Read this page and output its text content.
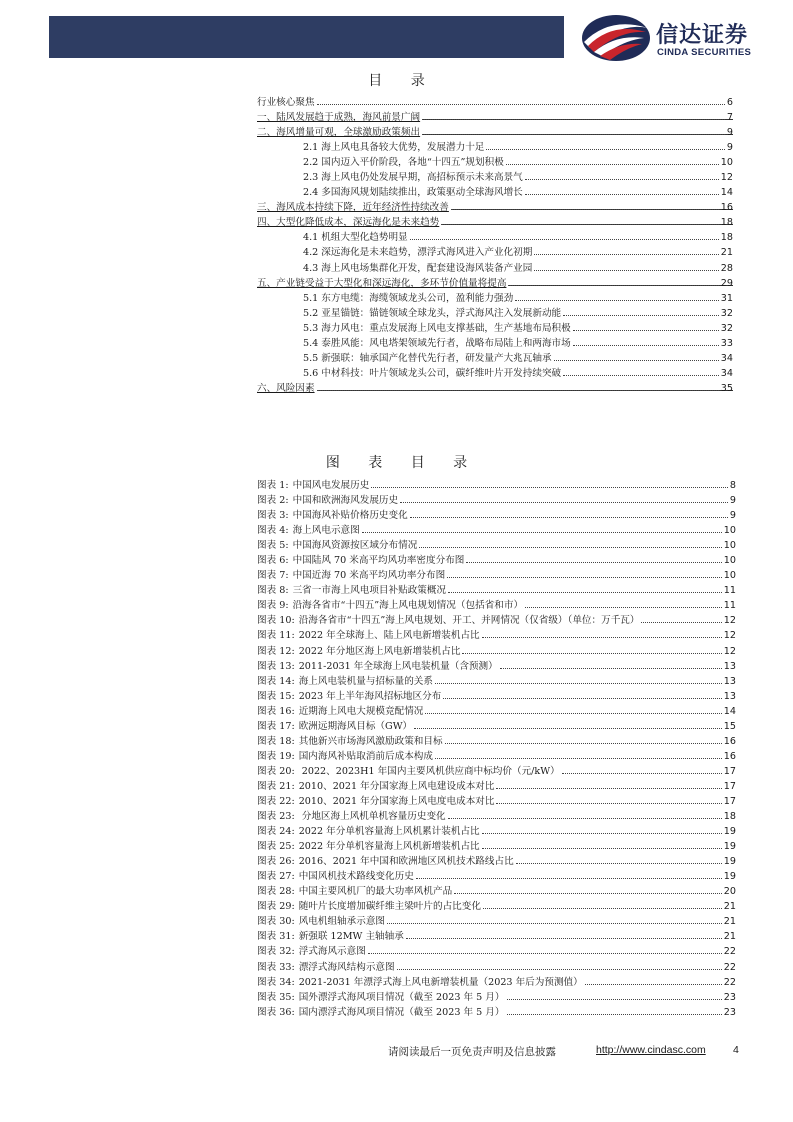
信达证券
CINDA SECURITIES
目 录
行业核心聚焦	6
一、陆风发展趋于成熟，海风前景广阔	7
二、海风增量可观，全球激励政策频出	9
2.1 海上风电具备较大优势，发展潜力十足	9
2.2 国内迈入平价阶段，各地“十四五”规划积极	10
2.3 海上风电仍处发展早期，高招标预示未来高景气	12
2.4 多国海风规划陆续推出，政策驱动全球海风增长	14
三、海风成本持续下降，近年经济性持续改善	16
四、大型化降低成本，深远海化是未来趋势	18
4.1 机组大型化趋势明显	18
4.2 深远海化是未来趋势，漂浮式海风进入产业化初期	21
4.3 海上风电场集群化开发，配套建设海风装备产业园	28
五、产业链受益于大型化和深远海化，多环节价值量将提高	29
5.1 东方电缆：海缆领域龙头公司，盈利能力强劲	31
5.2 亚星锚链：锚链领域全球龙头，浮式海风注入发展新动能	32
5.3 海力风电：重点发展海上风电支撑基础，生产基地布局积极	32
5.4 泰胜风能：风电塔架领域先行者，战略布局陆上和两海市场	33
5.5 新强联：轴承国产化替代先行者，研发量产大兆瓦轴承	34
5.6 中材科技：叶片领域龙头公司，碳纤维叶片开发持续突破	34
六、风险因素	35
图 表 目 录
图表 1: 中国风电发展历史	8
图表 2: 中国和欧洲海风发展历史	9
图表 3: 中国海风补贴价格历史变化	9
图表 4: 海上风电示意图	10
图表 5: 中国海风资源按区域分布情况	10
图表 6: 中国陆风 70 米高平均风功率密度分布图	10
图表 7: 中国近海 70 米高平均风功率分布图	10
图表 8: 三省一市海上风电项目补贴政策概况	11
图表 9: 沿海各省市“十四五”海上风电规划情况（包括省和市）	11
图表 10: 沿海各省市“十四五”海上风电规划、开工、并网情况（仅省级）（单位：万千瓦）	12
图表 11: 2022 年全球海上、陆上风电新增装机占比	12
图表 12: 2022 年分地区海上风电新增装机占比	12
图表 13: 2011-2031 年全球海上风电装机量（含预测）	13
图表 14: 海上风电装机量与招标量的关系	13
图表 15: 2023 年上半年海风招标地区分布	13
图表 16: 近期海上风电大规模竞配情况	14
图表 17: 欧洲远期海风目标（GW）	15
图表 18: 其他新兴市场海风激励政策和目标	16
图表 19: 国内海风补贴取消前后成本构成	16
图表 20: 2022、2023H1 年国内主要风机供应商中标均价（元/kW）	17
图表 21: 2010、2021 年分国家海上风电建设成本对比	17
图表 22: 2010、2021 年分国家海上风电度电成本对比	17
图表 23: 分地区海上风机单机容量历史变化	18
图表 24: 2022 年分单机容量海上风机累计装机占比	19
图表 25: 2022 年分单机容量海上风机新增装机占比	19
图表 26: 2016、2021 年中国和欧洲地区风机技术路线占比	19
图表 27: 中国风机技术路线变化历史	19
图表 28: 中国主要风机厂的最大功率风机产品	20
图表 29: 随叶片长度增加碳纤维主梁叶片的占比变化	21
图表 30: 风电机组轴承示意图	21
图表 31: 新强联 12MW 主轴轴承	21
图表 32: 浮式海风示意图	22
图表 33: 漂浮式海风结构示意图	22
图表 34: 2021-2031 年漂浮式海上风电新增装机量（2023 年后为预测值）	22
图表 35: 国外漂浮式海风项目情况（截至 2023 年 5 月）	23
图表 36: 国内漂浮式海风项目情况（截至 2023 年 5 月）	23
请阅读最后一页免责声明及信息披露	http://www.cindasc.com	4
